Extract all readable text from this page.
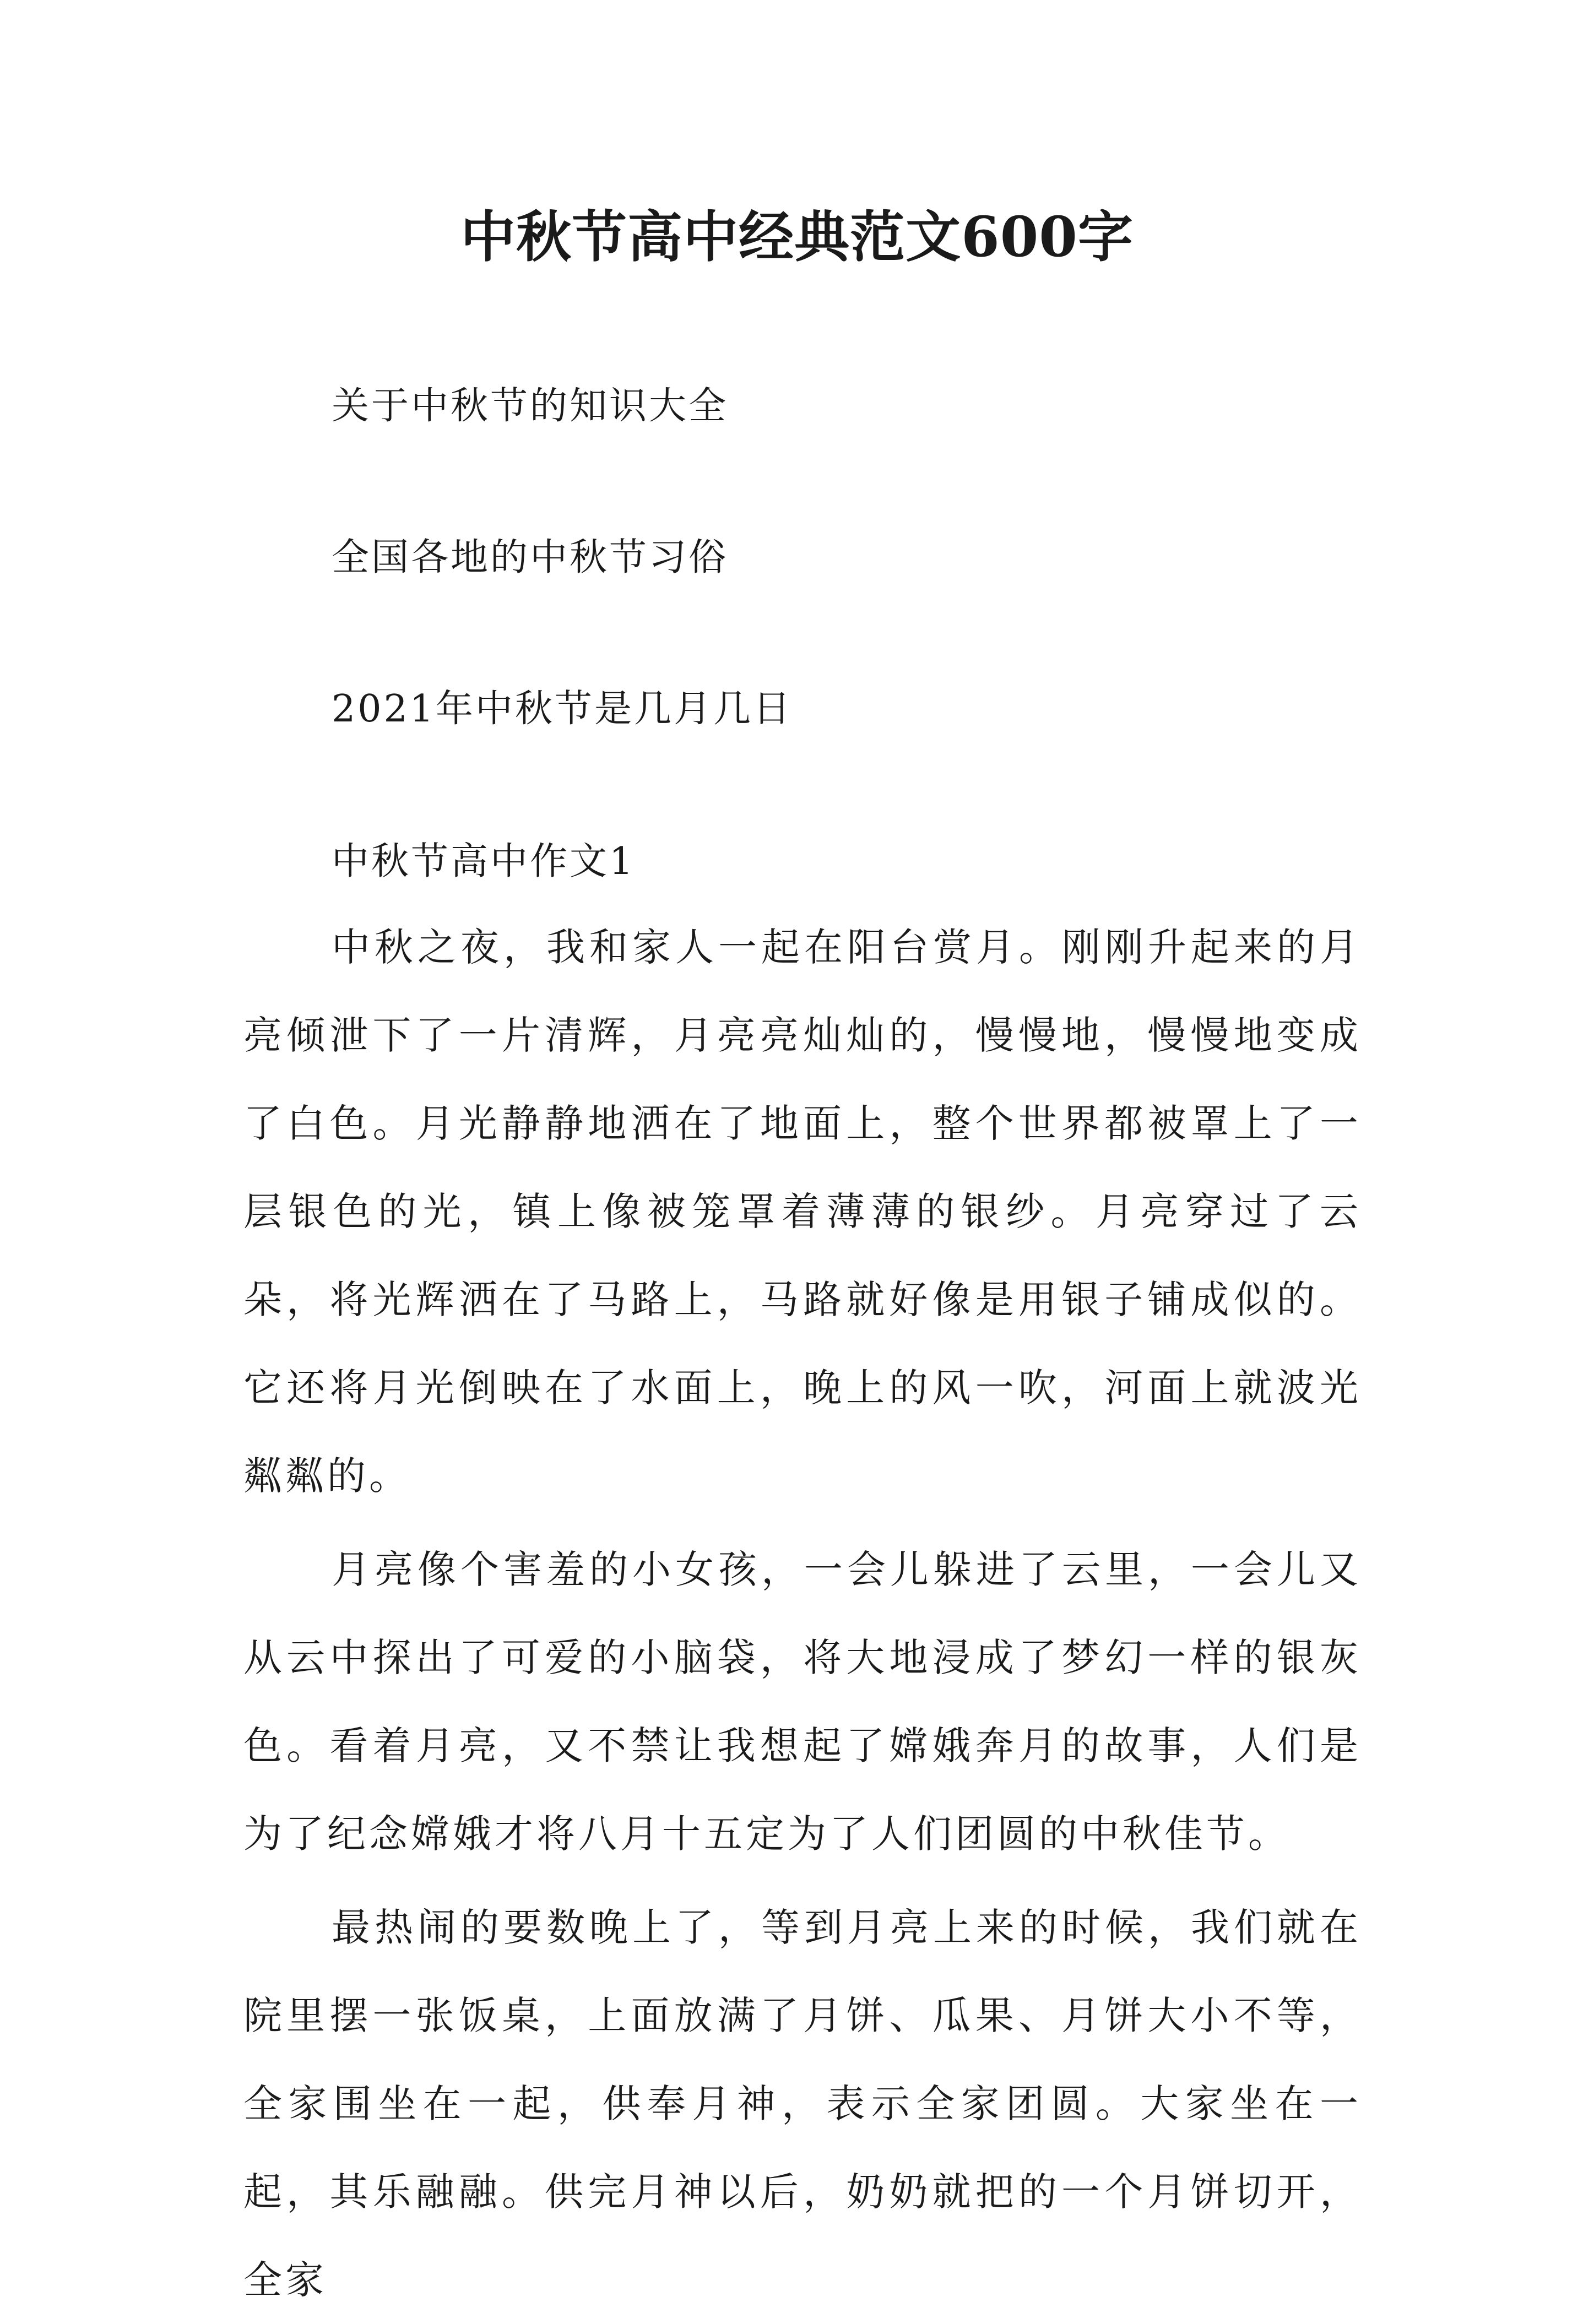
中秋节高中经典范文600字
关于中秋节的知识大全
全国各地的中秋节习俗
2021年中秋节是几月几日
中秋节高中作文1

中秋之夜，我和家人一起在阳台赏月。刚刚升起来的月亮倾泄下了一片清辉，月亮亮灿灿的，慢慢地，慢慢地变成了白色。月光静静地洒在了地面上，整个世界都被罩上了一层银色的光，镇上像被笼罩着薄薄的银纱。月亮穿过了云朵，将光辉洒在了马路上，马路就好像是用银子铺成似的。它还将月光倒映在了水面上，晚上的风一吹，河面上就波光粼粼的。

月亮像个害羞的小女孩，一会儿躲进了云里，一会儿又从云中探出了可爱的小脑袋，将大地浸成了梦幻一样的银灰色。看着月亮，又不禁让我想起了嫦娥奔月的故事，人们是为了纪念嫦娥才将八月十五定为了人们团圆的中秋佳节。

最热闹的要数晚上了，等到月亮上来的时候，我们就在院里摆一张饭桌，上面放满了月饼、瓜果、月饼大小不等，全家围坐在一起，供奉月神，表示全家团圆。大家坐在一起，其乐融融。供完月神以后，奶奶就把的一个月饼切开，全家
